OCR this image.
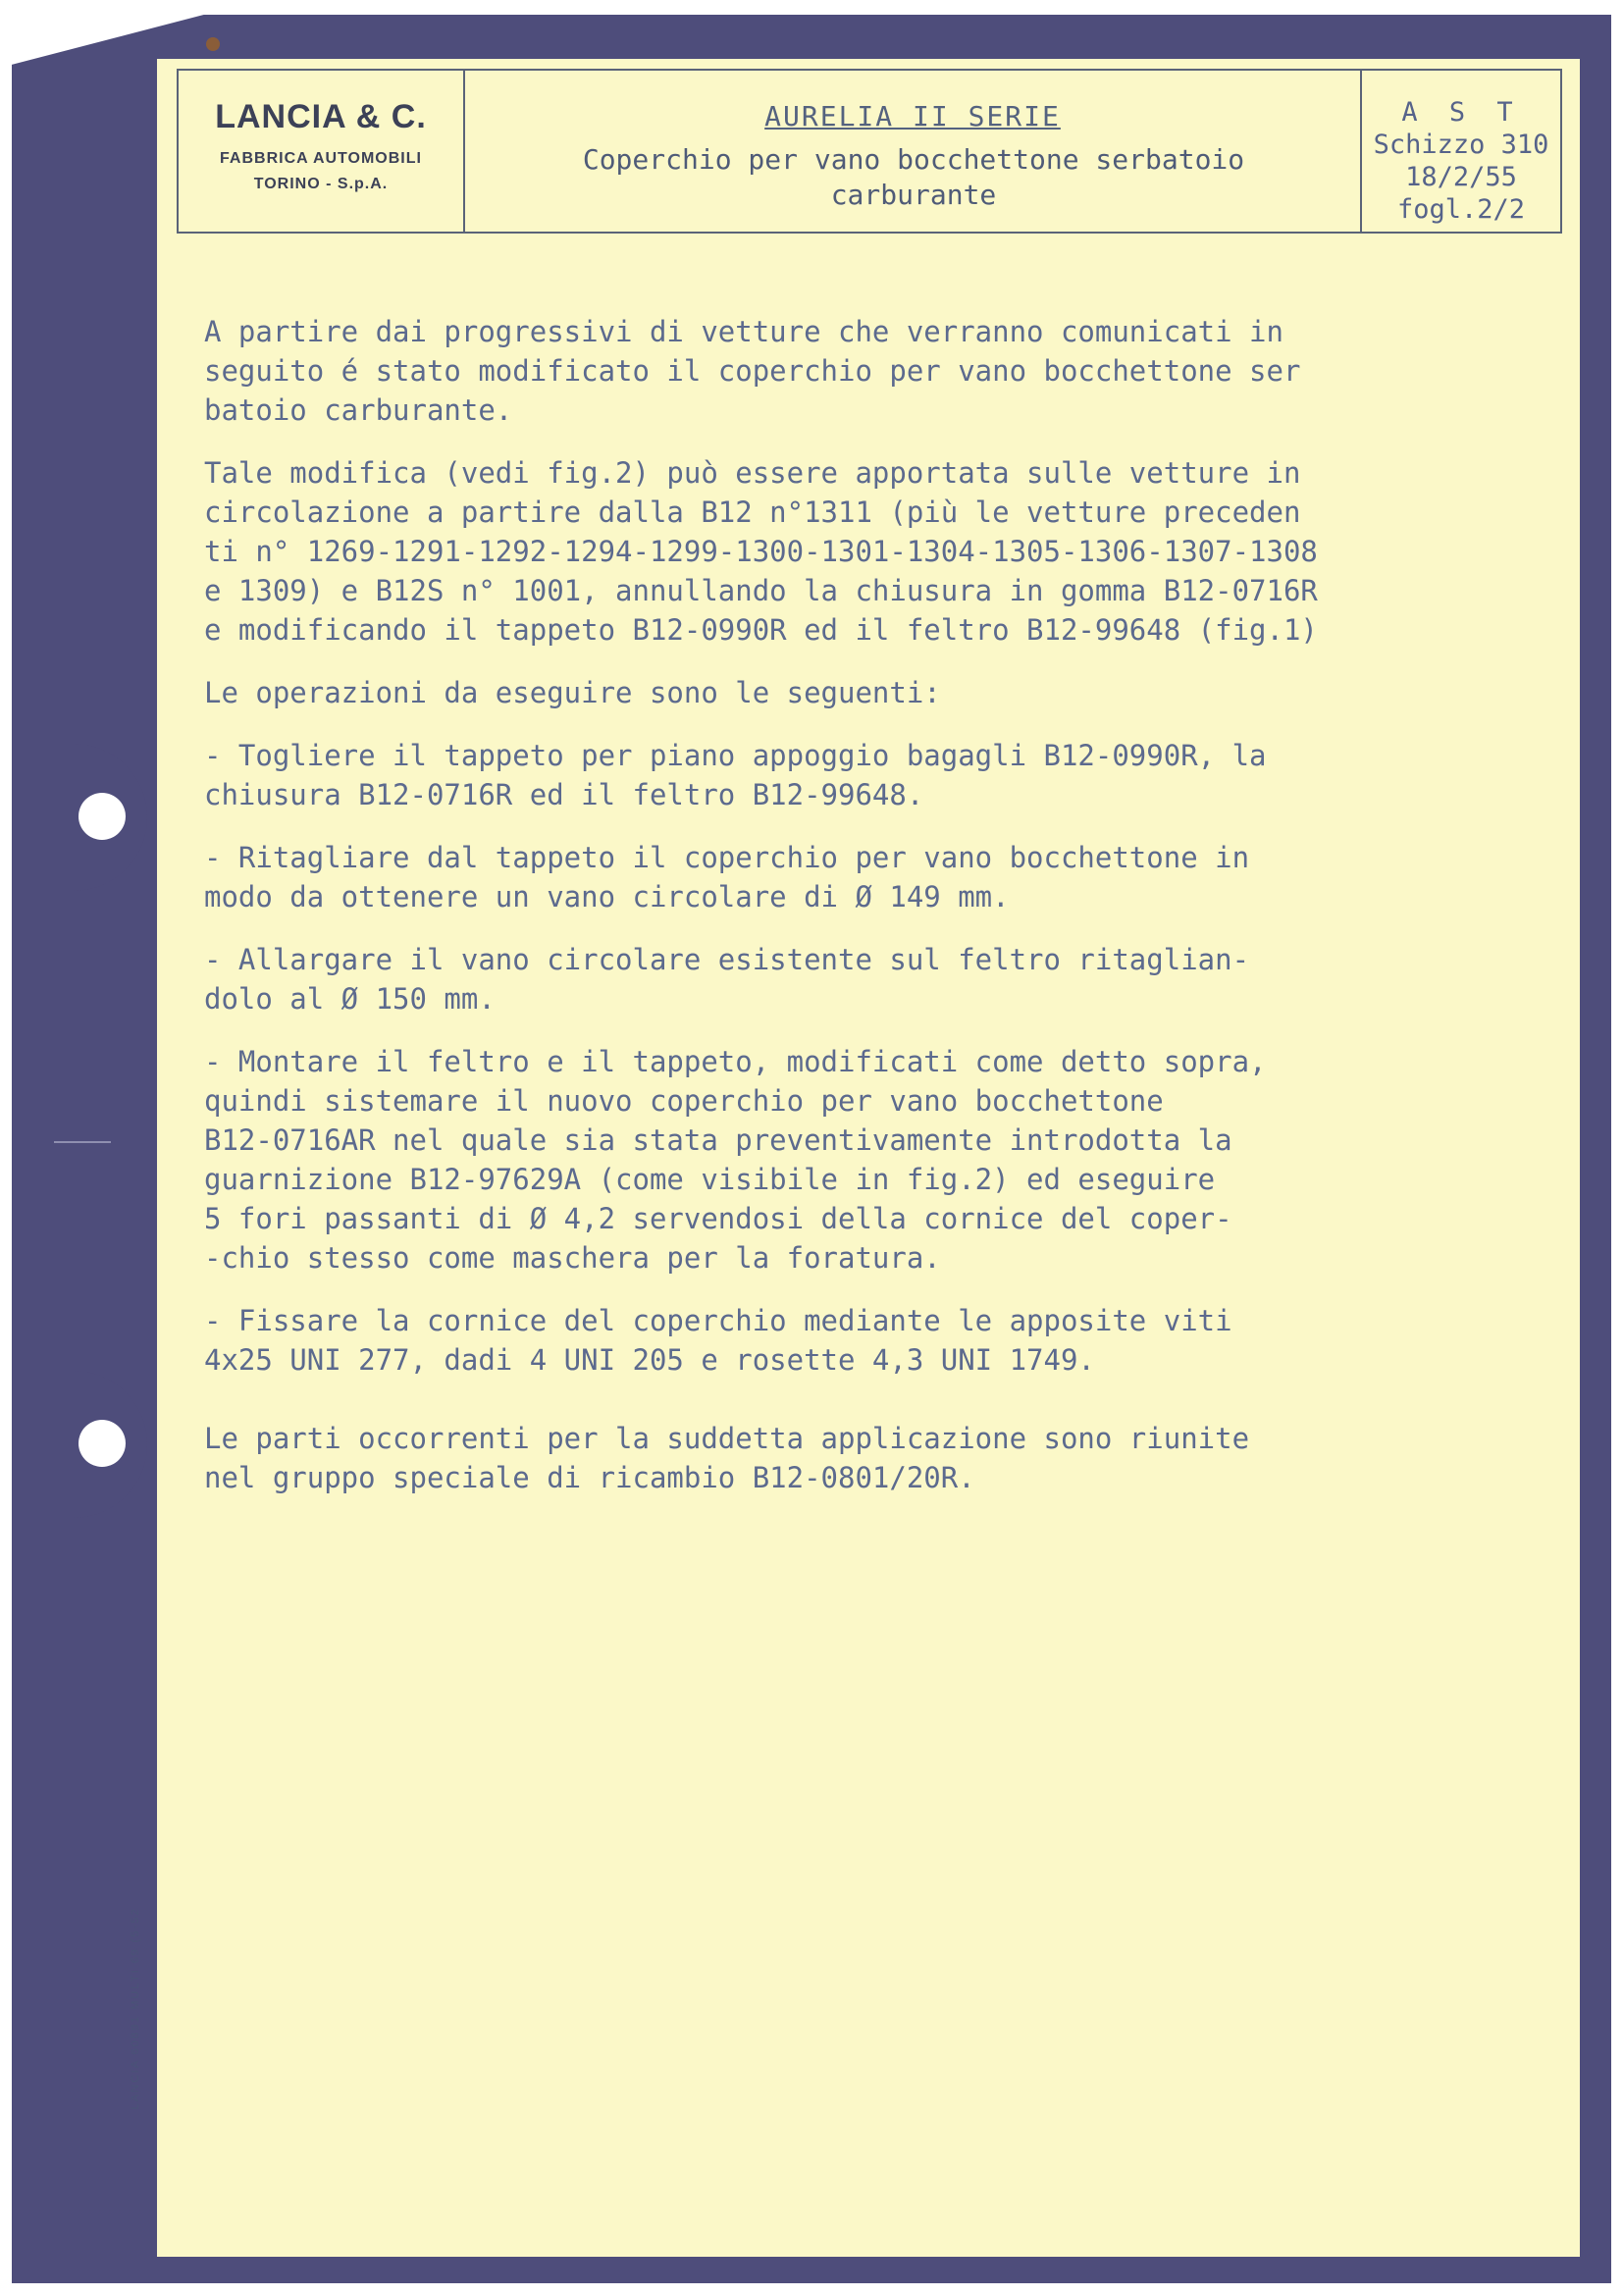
LANCIA & C.
FABBRICA AUTOMOBILI
TORINO - S.p.A.
AURELIA II SERIE
Coperchio per vano bocchettone serbatoio
carburante
A S T
Schizzo 310
18/2/55
fogl.2/2
A partire dai progressivi di vetture che verranno comunicati in
seguito é stato modificato il coperchio per vano bocchettone ser
batoio carburante.
Tale modifica (vedi fig.2) può essere apportata sulle vetture in
circolazione a partire dalla B12 n°1311 (più le vetture preceden
ti n° 1269-1291-1292-1294-1299-1300-1301-1304-1305-1306-1307-1308
e 1309) e B12S n° 1001, annullando la chiusura in gomma B12-0716R
e modificando il tappeto B12-0990R ed il feltro B12-99648 (fig.1)
Le operazioni da eseguire sono le seguenti:
- Togliere il tappeto per piano appoggio bagagli B12-0990R, la
chiusura B12-0716R ed il feltro B12-99648.
- Ritagliare dal tappeto il coperchio per vano bocchettone in
modo da ottenere un vano circolare di Ø 149 mm.
- Allargare il vano circolare esistente sul feltro ritaglian-
dolo al Ø 150 mm.
- Montare il feltro e il tappeto, modificati come detto sopra,
quindi sistemare il nuovo coperchio per vano bocchettone
B12-0716AR nel quale sia stata preventivamente introdotta la
guarnizione B12-97629A (come visibile in fig.2) ed eseguire
5 fori passanti di Ø 4,2 servendosi della cornice del coper-
-chio stesso come maschera per la foratura.
- Fissare la cornice del coperchio mediante le apposite viti
4x25 UNI 277, dadi 4 UNI 205 e rosette 4,3 UNI 1749.
Le parti occorrenti per la suddetta applicazione sono riunite
nel gruppo speciale di ricambio B12-0801/20R.
